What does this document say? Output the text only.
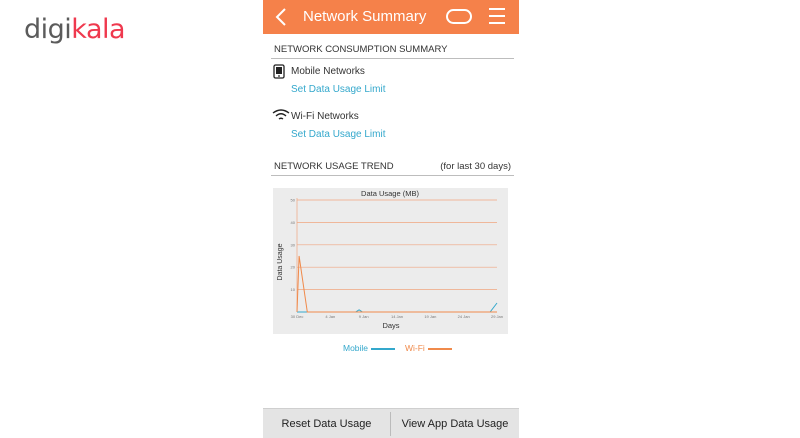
digikala	Network Summary
NETWORK CONSUMPTION SUMMARY
Mobile Networks
Set Data Usage Limit
Wi-Fi Networks
Set Data Usage Limit
NETWORK USAGE TREND	(for last 30 days)
Data Usage (MB)
Data Usage
Days
10
20
30
40
50
30 Dec	4 Jan	9 Jan	14 Jan	19 Jan	24 Jan	29 Jan
Mobile	Wi-Fi
Reset Data Usage	View App Data Usage
